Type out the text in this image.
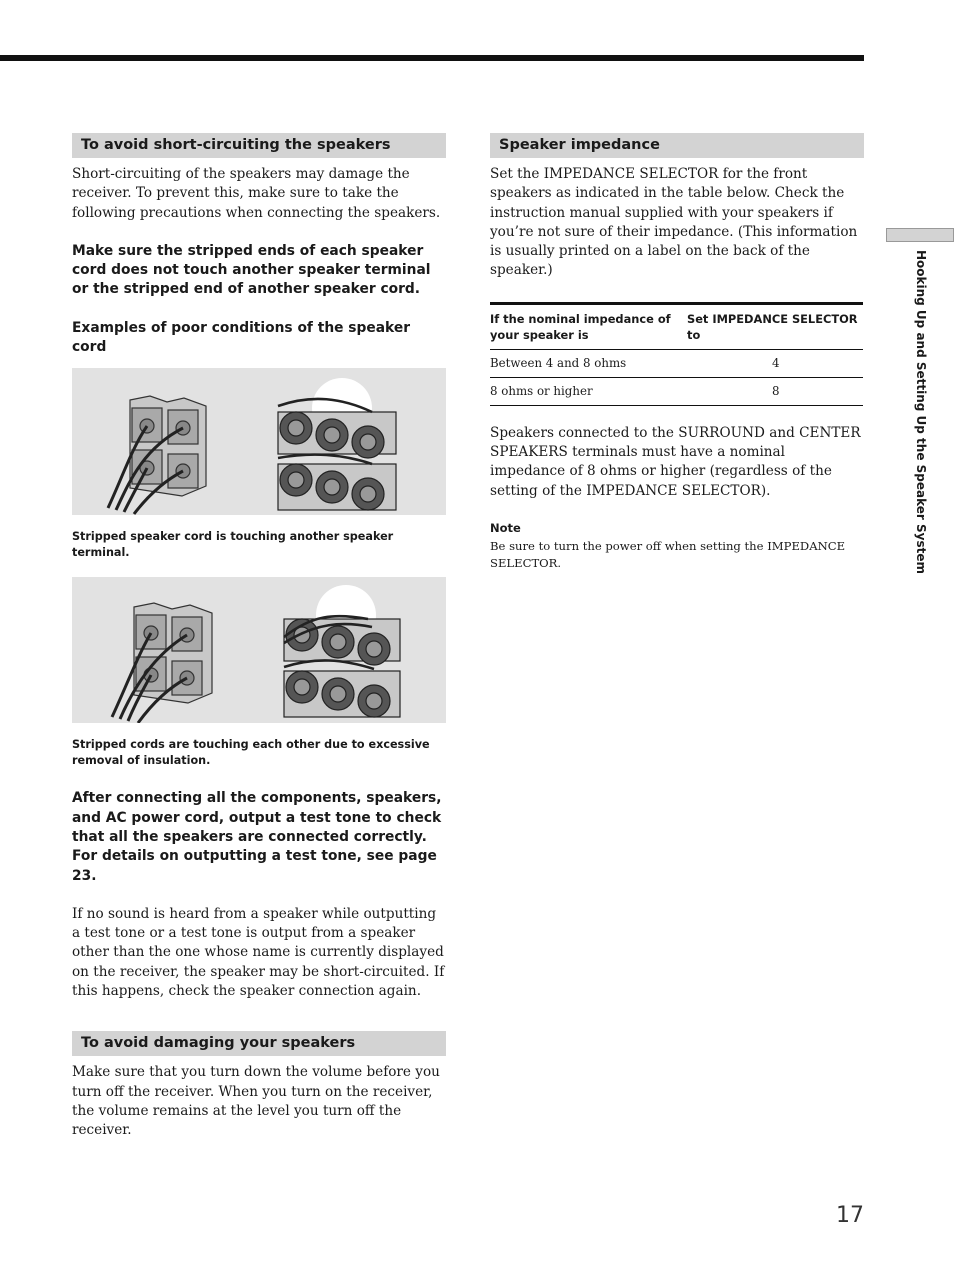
To avoid short-circuiting the speakers

Short-circuiting of the speakers may damage the receiver. To prevent this, make sure to take the following precautions when connecting the speakers.

Make sure the stripped ends of each speaker cord does not touch another speaker terminal or the stripped end of another speaker cord.

Examples of poor conditions of the speaker cord

Stripped speaker cord is touching another speaker terminal.

Stripped cords are touching each other due to excessive removal of insulation.

After connecting all the components, speakers, and AC power cord, output a test tone to check that all the speakers are connected correctly. For details on outputting a test tone, see page 23.

If no sound is heard from a speaker while outputting a test tone or a test tone is output from a speaker other than the one whose name is currently displayed on the receiver, the speaker may be short-circuited. If this happens, check the speaker connection again.

To avoid damaging your speakers

Make sure that you turn down the volume before you turn off the receiver. When you turn on the receiver, the volume remains at the level you turn off the receiver.

Speaker impedance

Set the IMPEDANCE SELECTOR for the front speakers as indicated in the table below. Check the instruction manual supplied with your speakers if you’re not sure of their impedance. (This information is usually printed on a label on the back of the speaker.)

If the nominal impedance of your speaker is	Set IMPEDANCE SELECTOR to
Between 4 and 8 ohms	4
8 ohms or higher	8

Speakers connected to the SURROUND and CENTER SPEAKERS terminals must have a nominal impedance of 8 ohms or higher (regardless of the setting of the IMPEDANCE SELECTOR).

Note

Be sure to turn the power off when setting the IMPEDANCE SELECTOR.	Hooking Up and Setting Up the Speaker System
17
